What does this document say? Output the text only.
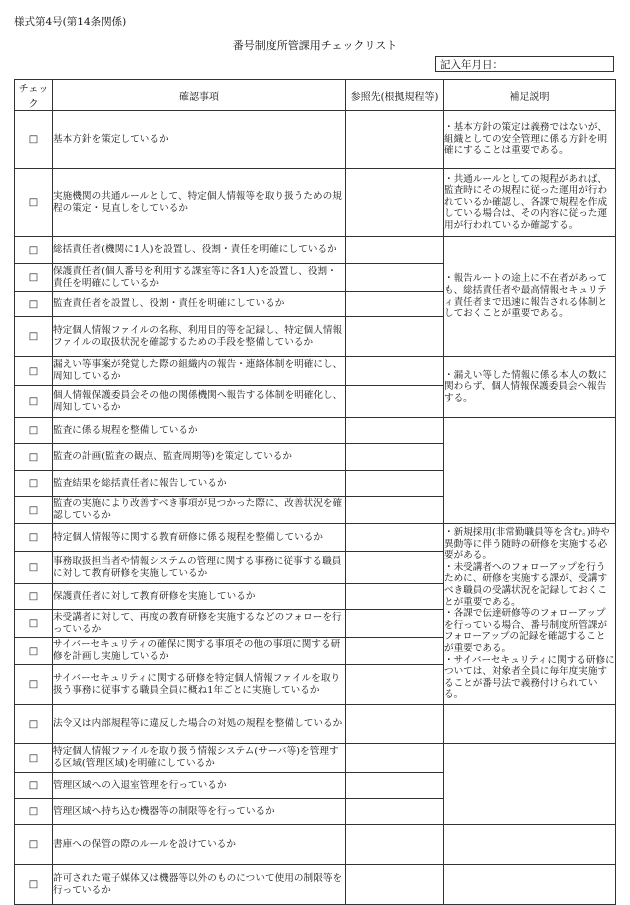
様式第4号(第14条関係)
番号制度所管課用チェックリスト
記入年月日：
チェック	確認事項	参照先(根拠規程等)	補足説明
□	基本方針を策定しているか		・基本方針の策定は義務ではないが、組織としての安全管理に係る方針を明確にすることは重要である。
□	実施機関の共通ルールとして、特定個人情報等を取り扱うための規程の策定・見直しをしているか		・共通ルールとしての規程があれば、監査時にその規程に従った運用が行われているか確認し、各課で規程を作成している場合は、その内容に従った運用が行われているか確認する。
□	総括責任者(機関に1人)を設置し、役割・責任を明確にしているか		・報告ルートの途上に不在者があっても、総括責任者や最高情報セキュリティ責任者まで迅速に報告される体制としておくことが重要である。
□	保護責任者(個人番号を利用する課室等に各1人)を設置し、役割・責任を明確にしているか		
□	監査責任者を設置し、役割・責任を明確にしているか		
□	特定個人情報ファイルの名称、利用目的等を記録し、特定個人情報ファイルの取扱状況を確認するための手段を整備しているか		
□	漏えい等事案が発覚した際の組織内の報告・連絡体制を明確にし、周知しているか		・漏えい等した情報に係る本人の数に関わらず、個人情報保護委員会へ報告する。
□	個人情報保護委員会その他の関係機関へ報告する体制を明確化し、周知しているか		
□	監査に係る規程を整備しているか		
□	監査の計画(監査の観点、監査周期等)を策定しているか		
□	監査結果を総括責任者に報告しているか		
□	監査の実施により改善すべき事項が見つかった際に、改善状況を確認しているか		
□	特定個人情報等に関する教育研修に係る規程を整備しているか		・新規採用(非常勤職員等を含む。)時や異動等に伴う随時の研修を実施する必要がある。
・未受講者へのフォローアップを行うために、研修を実施する課が、受講すべき職員の受講状況を記録しておくことが重要である。
・各課で伝達研修等のフォローアップを行っている場合、番号制度所管課がフォローアップの記録を確認することが重要である。
・サイバーセキュリティに関する研修については、対象者全員に毎年度実施することが番号法で義務付けられている。
□	事務取扱担当者や情報システムの管理に関する事務に従事する職員に対して教育研修を実施しているか		
□	保護責任者に対して教育研修を実施しているか		
□	未受講者に対して、再度の教育研修を実施するなどのフォローを行っているか		
□	サイバーセキュリティの確保に関する事項その他の事項に関する研修を計画し実施しているか		
□	サイバーセキュリティに関する研修を特定個人情報ファイルを取り扱う事務に従事する職員全員に概ね1年ごとに実施しているか		
□	法令又は内部規程等に違反した場合の対処の規程を整備しているか		
□	特定個人情報ファイルを取り扱う情報システム(サーバ等)を管理する区域(管理区域)を明確にしているか		
□	管理区域への入退室管理を行っているか		
□	管理区域へ持ち込む機器等の制限等を行っているか		
□	書庫への保管の際のルールを設けているか		
□	許可された電子媒体又は機器等以外のものについて使用の制限等を行っているか		
